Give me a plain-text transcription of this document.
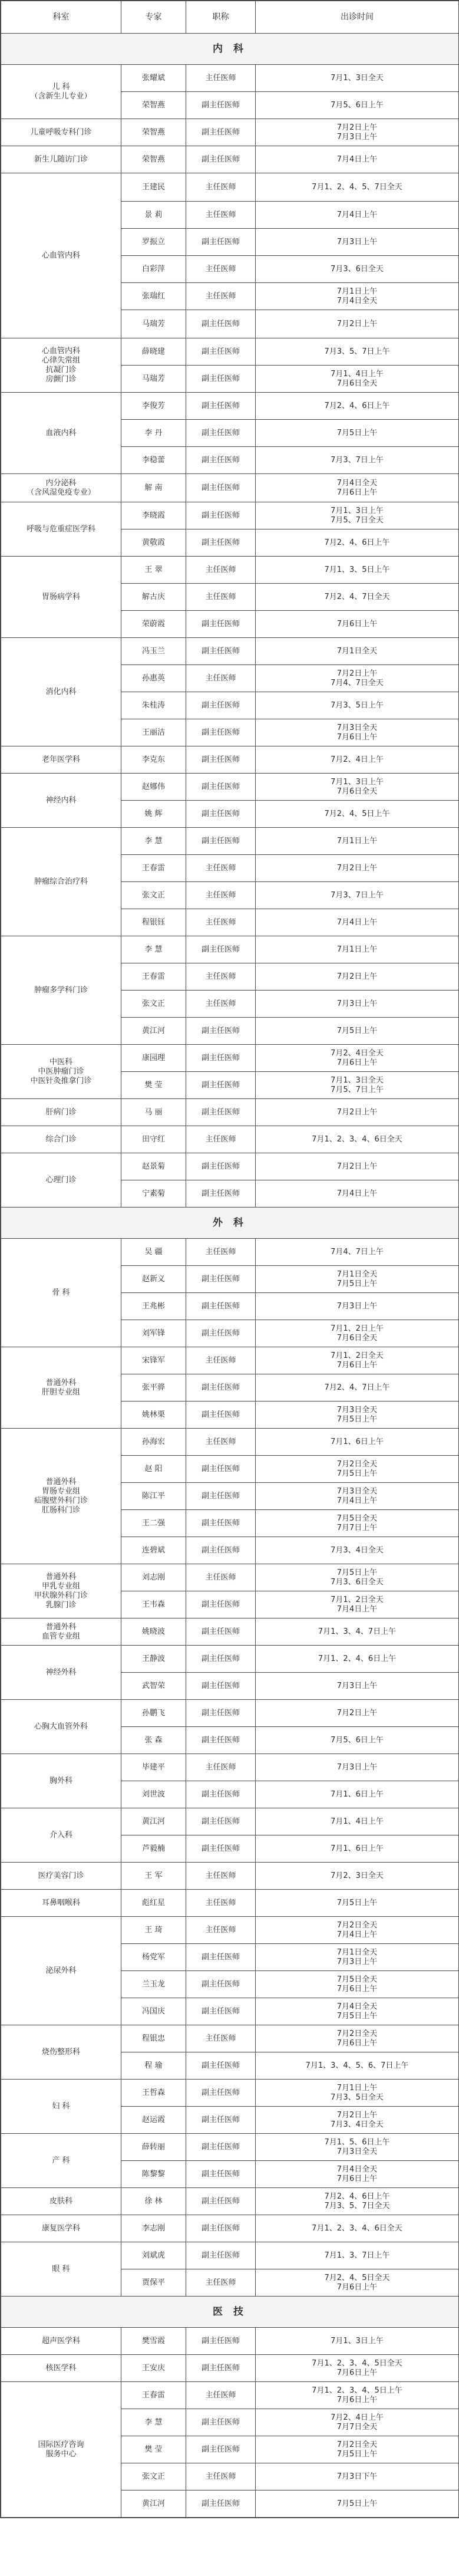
科室	专家	职称	出诊时间
内 科			

儿 科
（含新生儿专业）	张耀斌	主任医师	7月1、3日全天

	荣智燕	副主任医师	7月5、6日上午

儿童呼吸专科门诊	荣智燕	副主任医师	7月2日上午
7月3日上午

新生儿随访门诊	荣智燕	副主任医师	7月4日上午

心血管内科	王建民	主任医师	7月1、2、4、5、7日全天

	景 莉	主任医师	7月4日上午

	罗振立	副主任医师	7月3日上午

	白彩萍	主任医师	7月3、6日全天

	张瑞红	主任医师	7月1日上午
7月4日全天

	马瑞芳	副主任医师	7月2日上午

心血管内科
心律失常组
抗凝门诊
房颤门诊	薛晓建	副主任医师	7月3、5、7日上午

	马瑞芳	副主任医师	7月1、4日上午
7月6日全天

血液内科	李俊芳	副主任医师	7月2、4、6日上午

	李 丹	副主任医师	7月5日上午

	李稳蕾	副主任医师	7月3、7日上午

内分泌科
（含风湿免疫专业）	解 南	副主任医师	7月4日全天
7月6日上午

呼吸与危重症医学科	李晓霞	副主任医师	7月1、3日上午
7月5、7日全天

	黄敬霞	副主任医师	7月2、4、6日上午

胃肠病学科	王 翠	主任医师	7月1、3、5日上午

	解古庆	主任医师	7月2、4、7日全天

	荣蔚霞	副主任医师	7月6日上午

消化内科	冯玉兰	副主任医师	7月1日全天

	孙惠英	主任医师	7月2日上午
7月4、7日全天

	朱桂涛	副主任医师	7月3、5日上午

	王丽洁	副主任医师	7月3日全天
7月6日上午

老年医学科	李克东	副主任医师	7月2、4日上午

神经内科	赵娜伟	副主任医师	7月1、3日上午
7月6日全天

	姚 辉	副主任医师	7月2、4、5日上午

肿瘤综合治疗科	李 慧	副主任医师	7月1日上午

	王春雷	主任医师	7月2日上午

	张文正	主任医师	7月3、7日上午

	程银钰	主任医师	7月4日上午

肿瘤多学科门诊	李 慧	副主任医师	7月1日上午

	王春雷	主任医师	7月2日上午

	张文正	主任医师	7月3日上午

	黄江河	副主任医师	7月5日上午

中医科
中医肿瘤门诊
中医针灸推拿门诊	康园理	副主任医师	7月2、4日全天
7月6日上午

	樊 莹	副主任医师	7月1、3日全天
7月5、7日上午

肝病门诊	马 丽	副主任医师	7月2日上午

综合门诊	田守红	主任医师	7月1、2、3、4、6日全天

心理门诊	赵景菊	副主任医师	7月2日上午

	宁素菊	副主任医师	7月4日上午

外 科			

骨 科	吴 疆	主任医师	7月4、7日上午

	赵新义	副主任医师	7月1日全天
7月5日上午

	王兆彬	副主任医师	7月3日上午

	刘军锋	副主任医师	7月1、2日上午
7月6日全天

普通外科
肝胆专业组	宋锋军	主任医师	7月1、2日全天
7月6日上午

	张平骅	副主任医师	7月2、4、7日上午

	姚林栗	副主任医师	7月3日全天
7月5日上午

普通外科
胃肠专业组
疝腹壁外科门诊
肛肠科门诊	孙海宏	主任医师	7月1、6日上午

	赵 阳	副主任医师	7月2日全天
7月5日上午

	陈江平	副主任医师	7月3日全天
7月4日上午

	王二强	副主任医师	7月5日全天
7月7日上午

	连碧斌	副主任医师	7月3、4日全天

普通外科
甲乳专业组
甲状腺外科门诊
乳腺门诊	刘志刚	主任医师	7月5日上午
7月3、6日全天

	王韦森	副主任医师	7月1、2日全天
7月4日上午

普通外科
血管专业组	姚晓波	副主任医师	7月1、3、4、7日上午

神经外科	王静波	副主任医师	7月1、2、4、6日上午

	武智荣	副主任医师	7月3日上午

心胸大血管外科	孙鹏飞	副主任医师	7月2日上午

	张 森	副主任医师	7月5、6日上午

胸外科	毕建平	主任医师	7月3日上午

	刘世波	副主任医师	7月1、6日上午

介入科	黄江河	副主任医师	7月1、4日上午

	芦毅楠	副主任医师	7月1、6日上午

医疗美容门诊	王 军	主任医师	7月2、3日全天

耳鼻咽喉科	彪红星	主任医师	7月5日上午

泌尿外科	王 琦	主任医师	7月2日全天
7月4日上午

	杨党军	副主任医师	7月1日全天
7月3日上午

	兰玉龙	副主任医师	7月5日全天
7月6日上午

	冯国庆	副主任医师	7月4日全天
7月5日上午

烧伤整形科	程银忠	主任医师	7月2日全天
7月6日上午

	程 瑜	副主任医师	7月1、3、4、5、6、7日上午

妇 科	王哲森	副主任医师	7月1日上午
7月3、5日全天

	赵运霞	副主任医师	7月2日上午
7月3、4日全天

产 科	薛转丽	副主任医师	7月1、5、6日上午
7月3日全天

	陈黎黎	副主任医师	7月4日全天
7月6日上午

皮肤科	徐 林	副主任医师	7月2、4、6日上午
7月3、5、7日全天

康复医学科	李志刚	副主任医师	7月1、2、3、4、6日全天

眼 科	刘斌虎	副主任医师	7月1、3、7日上午

	贾保平	主任医师	7月2、4、5日全天
7月6日上午

医 技			

超声医学科	樊雪霞	副主任医师	7月1、3日上午

核医学科	王安庆	副主任医师	7月1、2、3、4、5日全天
7月6日上午

国际医疗咨询
服务中心	王春雷	主任医师	7月1、2、3、4、5日上午
7月6日上午

	李 慧	副主任医师	7月2、4日上午
7月7日全天

	樊 莹	副主任医师	7月2日全天
7月5日上午

	张文正	主任医师	7月3日下午

	黄江河	副主任医师	7月5日上午
